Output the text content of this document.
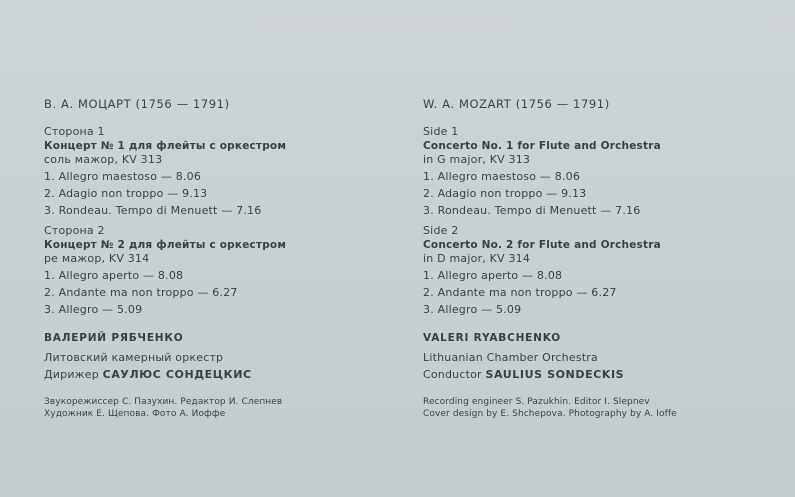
В. А. МОЦАРТ (1756 — 1791)
Сторона 1
Концерт № 1 для флейты с оркестром
соль мажор, KV 313
1. Allegro maestoso — 8.06
2. Adagio non troppo — 9.13
3. Rondeau. Tempo di Menuett — 7.16
Сторона 2
Концерт № 2 для флейты с оркестром
ре мажор, KV 314
1. Allegro aperto — 8.08
2. Andante ma non troppo — 6.27
3. Allegro — 5.09
ВАЛЕРИЙ РЯБЧЕНКО
Литовский камерный оркестр
Дирижер САУЛЮС СОНДЕЦКИС
Звукорежиссер С. Пазухин. Редактор И. Слепнев
Художник Е. Щепова. Фото А. Иоффе
W. A. MOZART (1756 — 1791)
Side 1
Concerto No. 1 for Flute and Orchestra
in G major, KV 313
1. Allegro maestoso — 8.06
2. Adagio non troppo — 9.13
3. Rondeau. Tempo di Menuett — 7.16
Side 2
Concerto No. 2 for Flute and Orchestra
in D major, KV 314
1. Allegro aperto — 8.08
2. Andante ma non troppo — 6.27
3. Allegro — 5.09
VALERI RYABCHENKO
Lithuanian Chamber Orchestra
Conductor SAULIUS SONDECKIS
Recording engineer S. Pazukhin. Editor I. Slepnev
Cover design by E. Shchepova. Photography by A. Ioffe
